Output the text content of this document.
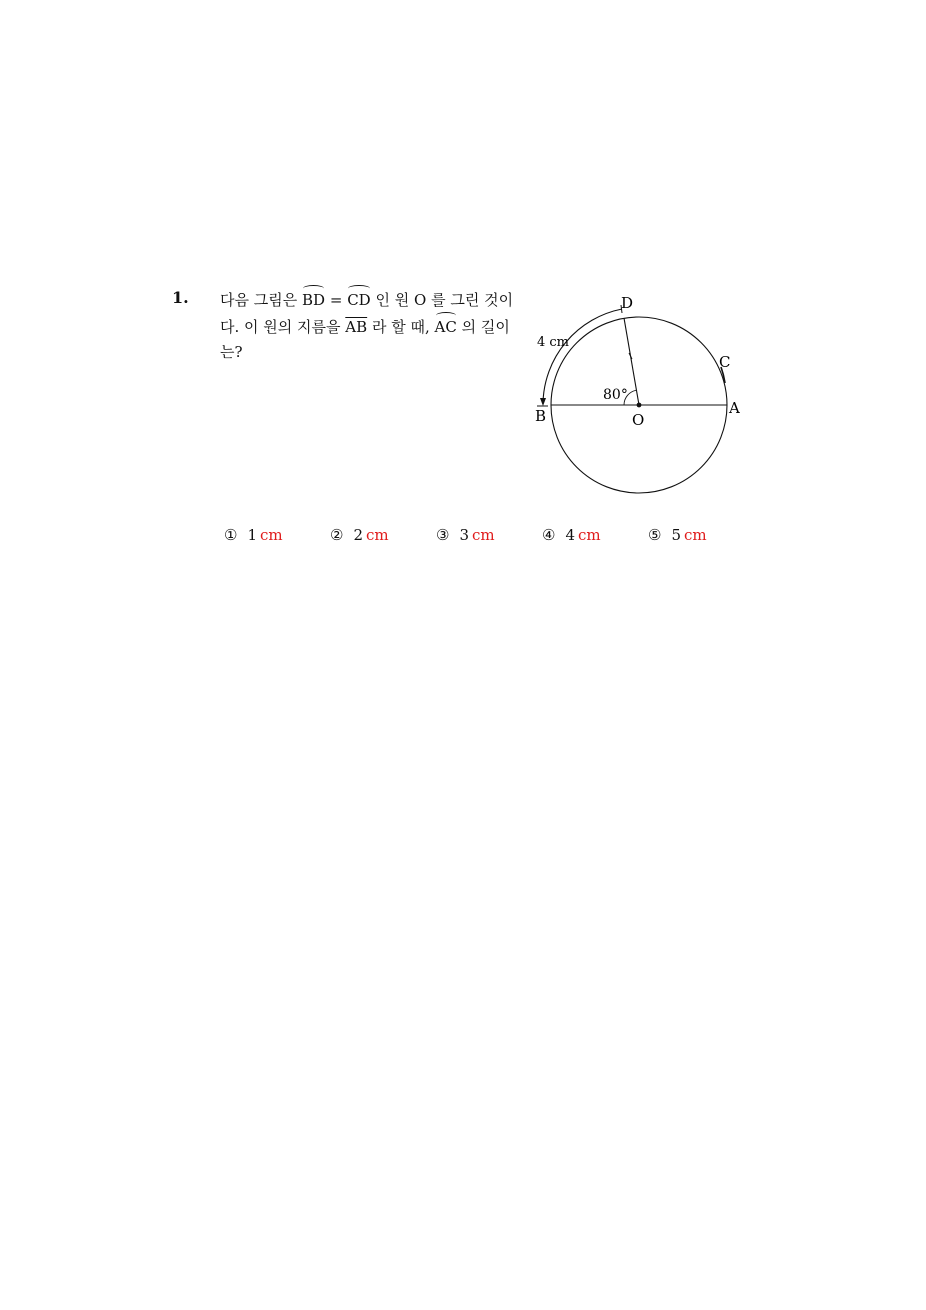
1. 다음 그림은 BD = CD 인 원 O 를 그린 것이
다. 이 원의 지름을 $\overline{AB}$ 라 할 때, AC 의 길이
는?
D
C
B	A
O
80°
4 cm
① 1 cm	② 2 cm	③ 3 cm	④ 4 cm	⑤ 5 cm
